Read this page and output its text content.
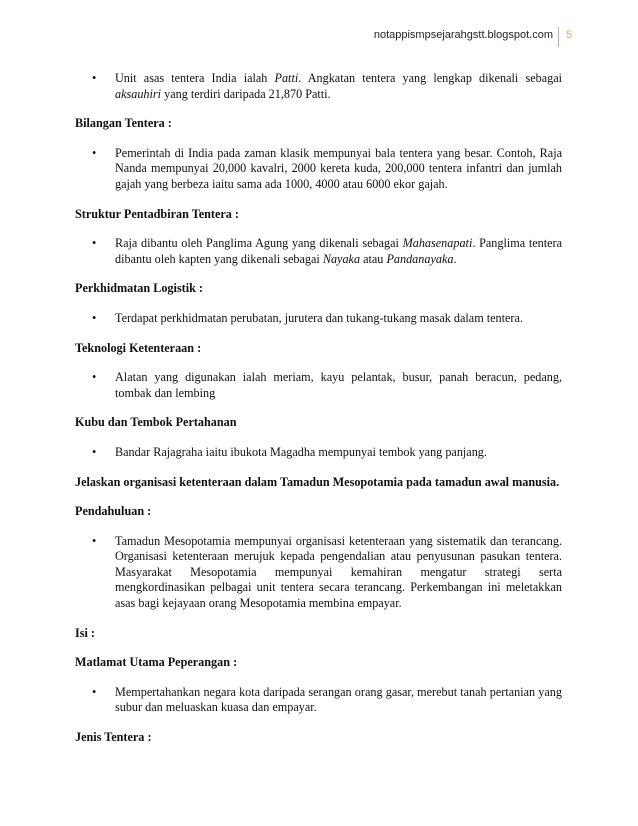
notappismpsejarahgstt.blogspot.com 5
• Unit asas tentera India ialah Patti. Angkatan tentera yang lengkap dikenali sebagai aksauhiri yang terdiri daripada 21,870 Patti.

Bilangan Tentera :

• Pemerintah di India pada zaman klasik mempunyai bala tentera yang besar. Contoh, Raja Nanda mempunyai 20,000 kavalri, 2000 kereta kuda, 200,000 tentera infantri dan jumlah gajah yang berbeza iaitu sama ada 1000, 4000 atau 6000 ekor gajah.

Struktur Pentadbiran Tentera :

• Raja dibantu oleh Panglima Agung yang dikenali sebagai Mahasenapati. Panglima tentera dibantu oleh kapten yang dikenali sebagai Nayaka atau Pandanayaka.

Perkhidmatan Logistik :

• Terdapat perkhidmatan perubatan, jurutera dan tukang-tukang masak dalam tentera.

Teknologi Ketenteraan :

• Alatan yang digunakan ialah meriam, kayu pelantak, busur, panah beracun, pedang, tombak dan lembing

Kubu dan Tembok Pertahanan

• Bandar Rajagraha iaitu ibukota Magadha mempunyai tembok yang panjang.

Jelaskan organisasi ketenteraan dalam Tamadun Mesopotamia pada tamadun awal manusia.

Pendahuluan :

• Tamadun Mesopotamia mempunyai organisasi ketenteraan yang sistematik dan terancang. Organisasi ketenteraan merujuk kepada pengendalian atau penyusunan pasukan tentera. Masyarakat Mesopotamia mempunyai kemahiran mengatur strategi serta mengkordinasikan pelbagai unit tentera secara terancang. Perkembangan ini meletakkan asas bagi kejayaan orang Mesopotamia membina empayar.

Isi :

Matlamat Utama Peperangan :

• Mempertahankan negara kota daripada serangan orang gasar, merebut tanah pertanian yang subur dan meluaskan kuasa dan empayar.

Jenis Tentera :
